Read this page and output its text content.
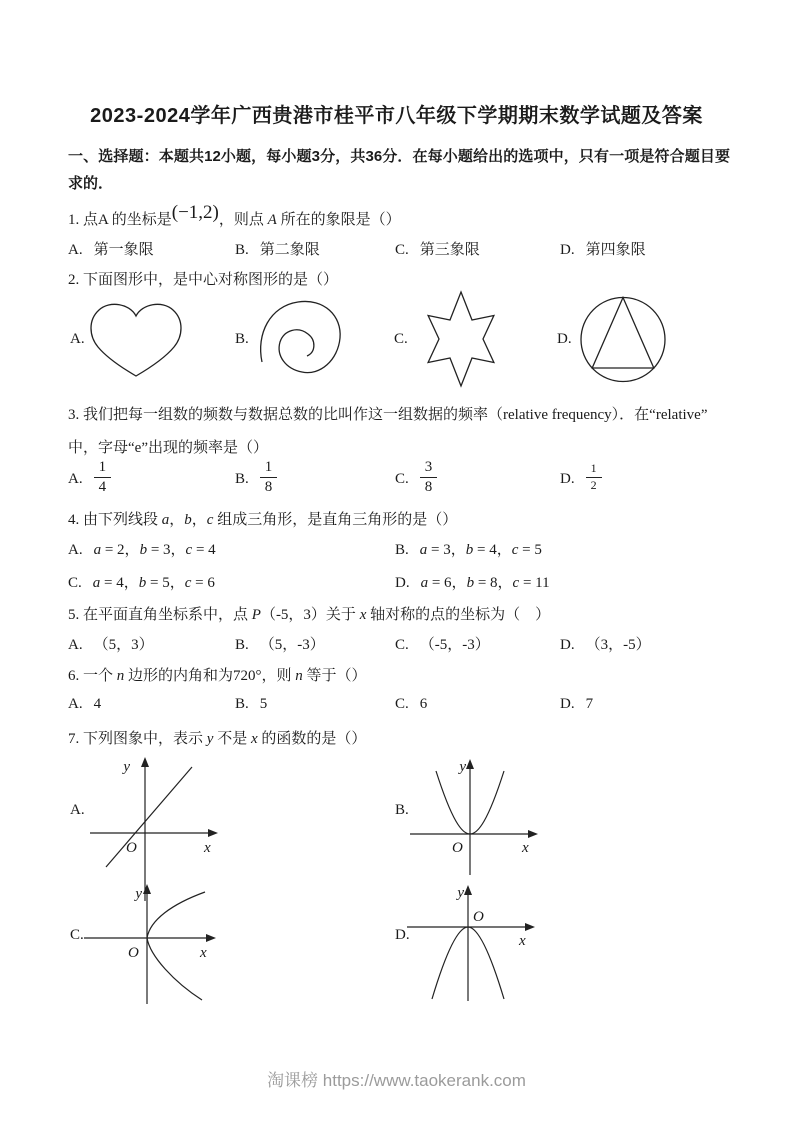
2023-2024学年广西贵港市桂平市八年级下学期期末数学试题及答案
一、选择题：本题共12小题，每小题3分，共36分．在每小题给出的选项中，只有一项是符合题目要求的．
1. 点A 的坐标是(−1,2)，则点 A 所在的象限是（）
A. 第一象限	B. 第二象限	C. 第三象限	D. 第四象限
2. 下面图形中，是中心对称图形的是（）
A.	B.	C.	D.
3. 我们把每一组数的频数与数据总数的比叫作这一组数据的频率（relative frequency）．在“relative”
中，字母“e”出现的频率是（）
A. $\frac{1}{4}$	B. $\frac{1}{8}$	C. $\frac{3}{8}$	D. $\frac{1}{2}$
4. 由下列线段 a，b，c 组成三角形，是直角三角形的是（）
A. a = 2，b = 3，c = 4	B. a = 3，b = 4，c = 5
C. a = 4，b = 5，c = 6	D. a = 6，b = 8，c = 11
5. 在平面直角坐标系中，点 P（-5，3）关于 x 轴对称的点的坐标为（　）
A. （5，3）	B. （5，-3）	C. （-5，-3）	D. （3，-5）
6. 一个 n 边形的内角和为720°，则 n 等于（）
A. 4	B. 5	C. 6	D. 7
7. 下列图象中，表示 y 不是 x 的函数的是（）
A.
y
x
O
B.
y
x
O
C.
y
x
O
D.
y
x
O
淘课榜 https://www.taokerank.com
